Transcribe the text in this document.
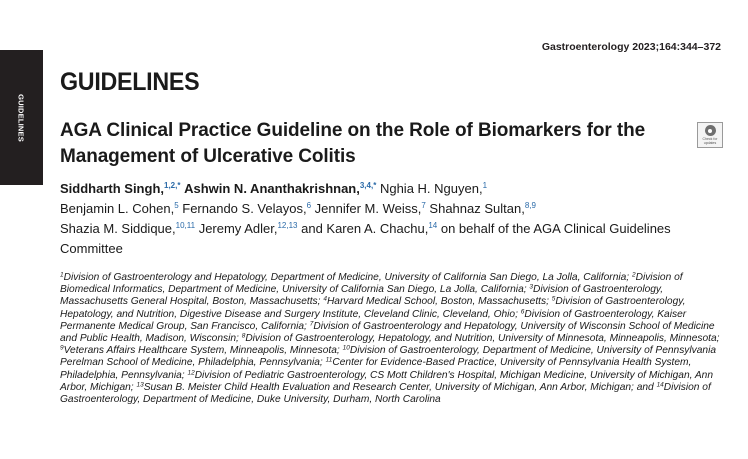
GUIDELINES
Gastroenterology 2023;164:344–372
GUIDELINES
AGA Clinical Practice Guideline on the Role of Biomarkers for the Management of Ulcerative Colitis
Check for updates
Siddharth Singh,$^{1,2,*}$ Ashwin N. Ananthakrishnan,$^{3,4,*}$ Nghia H. Nguyen,$^1$
Benjamin L. Cohen,$^5$ Fernando S. Velayos,$^6$ Jennifer M. Weiss,$^7$ Shahnaz Sultan,$^{8,9}$
Shazia M. Siddique,$^{10,11}$ Jeremy Adler,$^{12,13}$ and Karen A. Chachu,$^{14}$ on behalf of the AGA Clinical Guidelines Committee
$^1$Division of Gastroenterology and Hepatology, Department of Medicine, University of California San Diego, La Jolla, California; $^2$Division of Biomedical Informatics, Department of Medicine, University of California San Diego, La Jolla, California; $^3$Division of Gastroenterology, Massachusetts General Hospital, Boston, Massachusetts; $^4$Harvard Medical School, Boston, Massachusetts; $^5$Division of Gastroenterology, Hepatology, and Nutrition, Digestive Disease and Surgery Institute, Cleveland Clinic, Cleveland, Ohio; $^6$Division of Gastroenterology, Kaiser Permanente Medical Group, San Francisco, California; $^7$Division of Gastroenterology and Hepatology, University of Wisconsin School of Medicine and Public Health, Madison, Wisconsin; $^8$Division of Gastroenterology, Hepatology, and Nutrition, University of Minnesota, Minneapolis, Minnesota; $^9$Veterans Affairs Healthcare System, Minneapolis, Minnesota; $^{10}$Division of Gastroenterology, Department of Medicine, University of Pennsylvania Perelman School of Medicine, Philadelphia, Pennsylvania; $^{11}$Center for Evidence-Based Practice, University of Pennsylvania Health System, Philadelphia, Pennsylvania; $^{12}$Division of Pediatric Gastroenterology, CS Mott Children's Hospital, Michigan Medicine, University of Michigan, Ann Arbor, Michigan; $^{13}$Susan B. Meister Child Health Evaluation and Research Center, University of Michigan, Ann Arbor, Michigan; and $^{14}$Division of Gastroenterology, Department of Medicine, Duke University, Durham, North Carolina
